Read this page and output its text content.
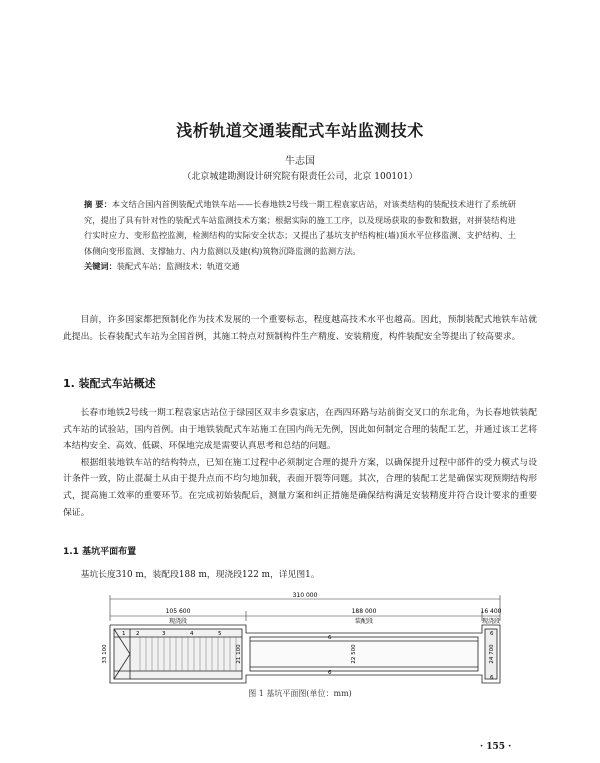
浅析轨道交通装配式车站监测技术
牛志国
（北京城建勘测设计研究院有限责任公司，北京 100101）
摘 要：本文结合国内首例装配式地铁车站——长春地铁2号线一期工程袁家店站，对该类结构的装配技术进行了系统研究，提出了具有针对性的装配式车站监测技术方案；根据实际的施工工序，以及现场获取的参数和数据，对拼装结构进行实时应力、变形监控监测，检测结构的实际安全状态；又提出了基坑支护结构桩(墙)顶水平位移监测、支护结构、土体侧向变形监测、支撑轴力、内力监测以及建(构)筑物沉降监测的监测方法。
关键词：装配式车站；监测技术；轨道交通

目前，许多国家都把预制化作为技术发展的一个重要标志，程度越高技术水平也越高。因此，预制装配式地铁车站就此提出。长春装配式车站为全国首例，其施工特点对预制构件生产精度、安装精度，构件装配安全等提出了较高要求。

1. 装配式车站概述

长春市地铁2号线一期工程袁家店站位于绿园区双丰乡袁家店，在西四环路与站前街交叉口的东北角，为长春地铁装配式车站的试验站，国内首例。由于地铁装配式车站施工在国内尚无先例，因此如何制定合理的装配工艺，并通过该工艺将本结构安全、高效、低碳、环保地完成是需要认真思考和总结的问题。

根据组装地铁车站的结构特点，已知在施工过程中必须制定合理的提升方案，以确保提升过程中部件的受力模式与设计条件一致，防止混凝土从由于提升点而不均匀地加载，表面开裂等问题。其次，合理的装配工艺是确保实现预期结构形式，提高施工效率的重要环节。在完成初始装配后，测量方案和纠正措施是确保结构满足安装精度并符合设计要求的重要保证。

1.1 基坑平面布置

基坑长度310 m，装配段188 m，现浇段122 m，详见图1。

310 000
105 600
现浇段
188 000
装配段
16 400
现浇段
33 100	21 100	22 500	24 700
1 2	3	4	5
6
6
6
6
图 1 基坑平面图(单位：mm)
· 155 ·
